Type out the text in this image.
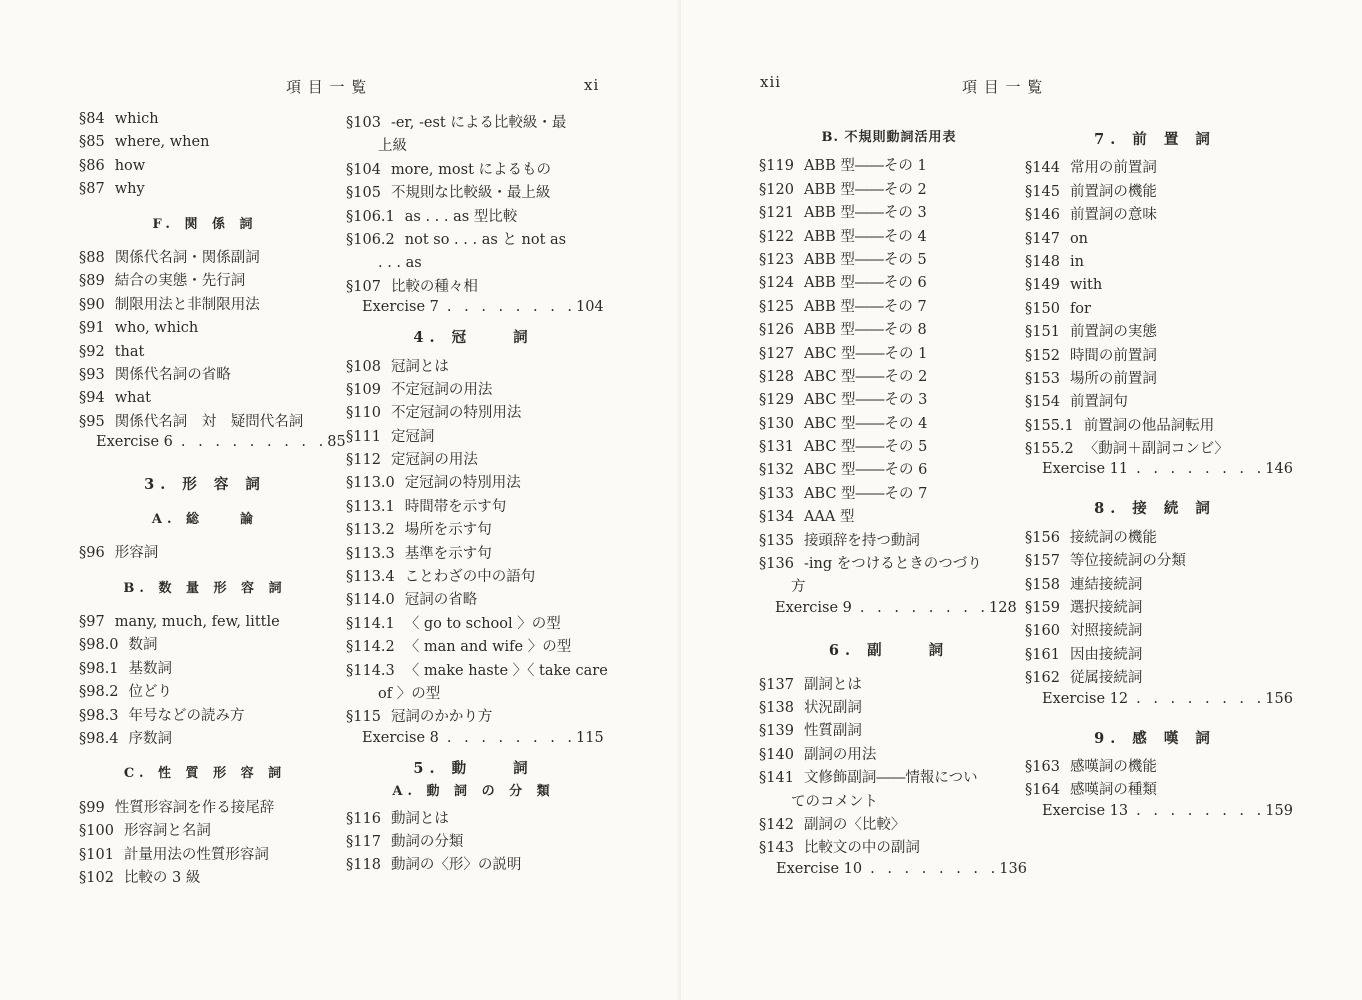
項 目 一 覧	xi
§84 which
§85 where, when
§86 how
§87 why
F. 関 係 詞
§88 関係代名詞・関係副詞
§89 結合の実態・先行詞
§90 制限用法と非制限用法
§91 who, which
§92 that
§93 関係代名詞の省略
§94 what
§95 関係代名詞　対　疑問代名詞
Exercise 6 . . . . . . . . .85
3. 形 容 詞
A. 総　　論
§96 形容詞
B. 数 量 形 容 詞
§97 many, much, few, little
§98.0 数詞
§98.1 基数詞
§98.2 位どり
§98.3 年号などの読み方
§98.4 序数詞
C. 性 質 形 容 詞
§99 性質形容詞を作る接尾辞
§100 形容詞と名詞
§101 計量用法の性質形容詞
§102 比較の 3 級
§103 -er, -est による比較級・最
上級
§104 more, most によるもの
§105 不規則な比較級・最上級
§106.1 as . . . as 型比較
§106.2 not so . . . as と not as
. . . as
§107 比較の種々相
Exercise 7 . . . . . . . .104
4. 冠　　詞
§108 冠詞とは
§109 不定冠詞の用法
§110 不定冠詞の特別用法
§111 定冠詞
§112 定冠詞の用法
§113.0 定冠詞の特別用法
§113.1 時間帯を示す句
§113.2 場所を示す句
§113.3 基準を示す句
§113.4 ことわざの中の語句
§114.0 冠詞の省略
§114.1 〈 go to school 〉の型
§114.2 〈 man and wife 〉の型
§114.3 〈 make haste 〉〈 take care
of 〉の型
§115 冠詞のかかり方
Exercise 8 . . . . . . . .115
5. 動　　詞
A. 動 詞 の 分 類
§116 動詞とは
§117 動詞の分類
§118 動詞の〈形〉の説明
xii	項 目 一 覧
B. 不規則動詞活用表
§119 ABB 型――その 1
§120 ABB 型――その 2
§121 ABB 型――その 3
§122 ABB 型――その 4
§123 ABB 型――その 5
§124 ABB 型――その 6
§125 ABB 型――その 7
§126 ABB 型――その 8
§127 ABC 型――その 1
§128 ABC 型――その 2
§129 ABC 型――その 3
§130 ABC 型――その 4
§131 ABC 型――その 5
§132 ABC 型――その 6
§133 ABC 型――その 7
§134 AAA 型
§135 接頭辞を持つ動詞
§136 -ing をつけるときのつづり
方
Exercise 9 . . . . . . . .128
6. 副　　詞
§137 副詞とは
§138 状況副詞
§139 性質副詞
§140 副詞の用法
§141 文修飾副詞――情報につい
てのコメント
§142 副詞の〈比較〉
§143 比較文の中の副詞
Exercise 10 . . . . . . . .136
7. 前 置 詞
§144 常用の前置詞
§145 前置詞の機能
§146 前置詞の意味
§147 on
§148 in
§149 with
§150 for
§151 前置詞の実態
§152 時間の前置詞
§153 場所の前置詞
§154 前置詞句
§155.1 前置詞の他品詞転用
§155.2 〈動詞＋副詞コンビ〉
Exercise 11 . . . . . . . .146
8. 接 続 詞
§156 接続詞の機能
§157 等位接続詞の分類
§158 連結接続詞
§159 選択接続詞
§160 対照接続詞
§161 因由接続詞
§162 従属接続詞
Exercise 12 . . . . . . . .156
9. 感 嘆 詞
§163 感嘆詞の機能
§164 感嘆詞の種類
Exercise 13 . . . . . . . .159
